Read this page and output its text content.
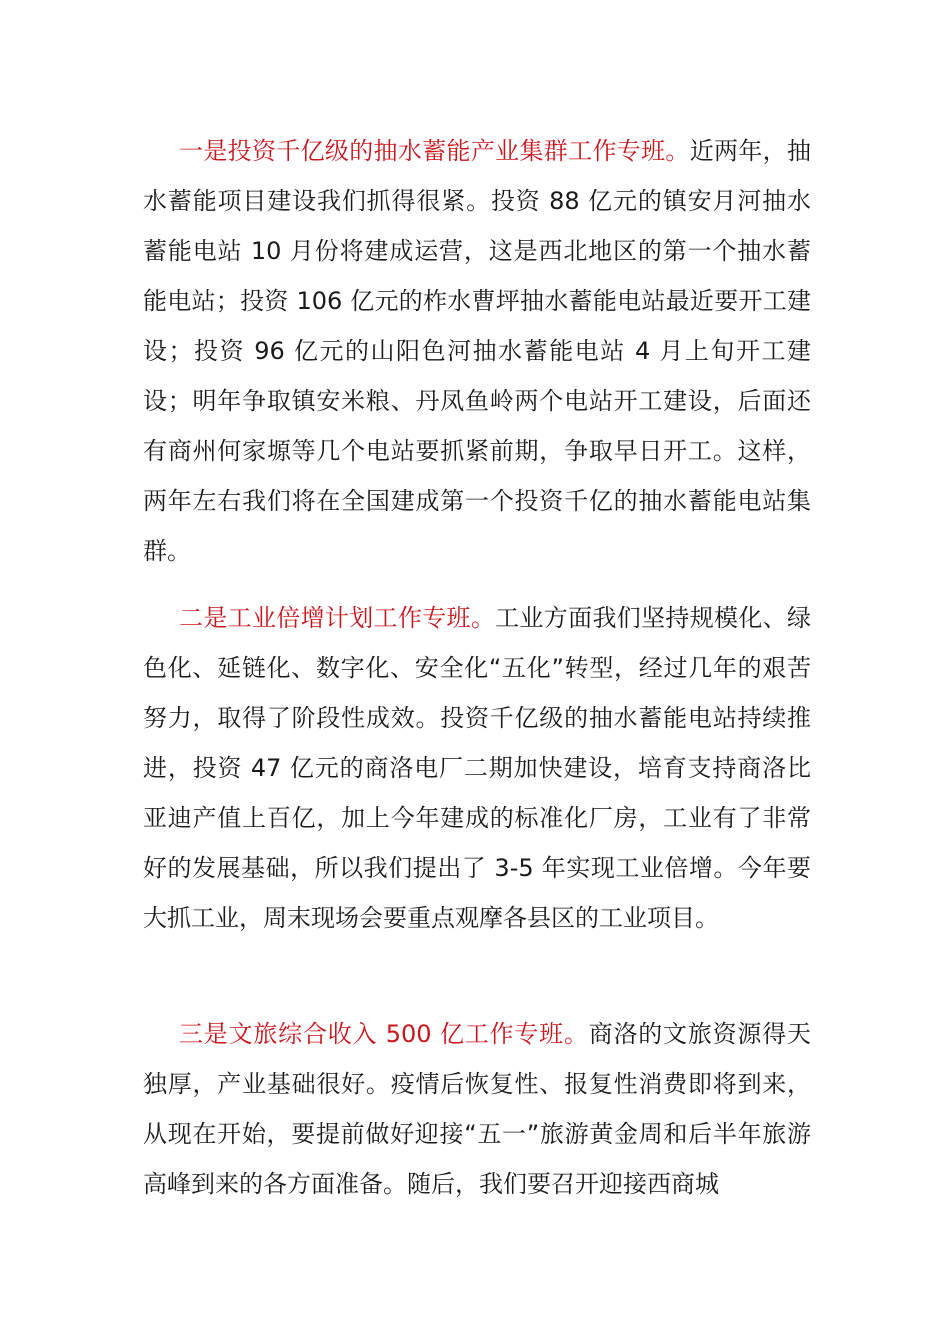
一是投资千亿级的抽水蓄能产业集群工作专班。近两年，抽水蓄能项目建设我们抓得很紧。投资 88 亿元的镇安月河抽水蓄能电站 10 月份将建成运营，这是西北地区的第一个抽水蓄能电站；投资 106 亿元的柞水曹坪抽水蓄能电站最近要开工建设；投资 96 亿元的山阳色河抽水蓄能电站 4 月上旬开工建设；明年争取镇安米粮、丹凤鱼岭两个电站开工建设，后面还有商州何家塬等几个电站要抓紧前期，争取早日开工。这样，两年左右我们将在全国建成第一个投资千亿的抽水蓄能电站集群。

二是工业倍增计划工作专班。工业方面我们坚持规模化、绿色化、延链化、数字化、安全化“五化”转型，经过几年的艰苦努力，取得了阶段性成效。投资千亿级的抽水蓄能电站持续推进，投资 47 亿元的商洛电厂二期加快建设，培育支持商洛比亚迪产值上百亿，加上今年建成的标准化厂房，工业有了非常好的发展基础，所以我们提出了 3-5 年实现工业倍增。今年要大抓工业，周末现场会要重点观摩各县区的工业项目。

三是文旅综合收入 500 亿工作专班。商洛的文旅资源得天独厚，产业基础很好。疫情后恢复性、报复性消费即将到来，从现在开始，要提前做好迎接“五一”旅游黄金周和后半年旅游高峰到来的各方面准备。随后，我们要召开迎接西商城
